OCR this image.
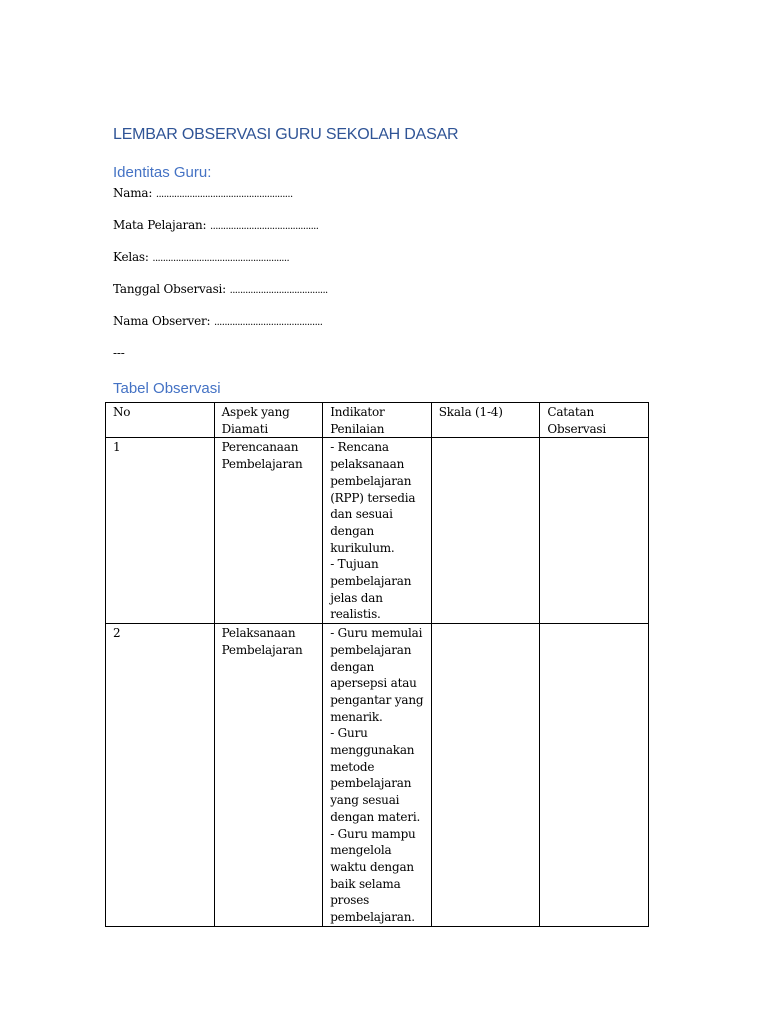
LEMBAR OBSERVASI GURU SEKOLAH DASAR
Identitas Guru:
Nama: .....................................................
Mata Pelajaran: ..........................................
Kelas: .....................................................
Tanggal Observasi: ......................................
Nama Observer: ..........................................
---
Tabel Observasi
No	Aspek yang Diamati	Indikator Penilaian	Skala (1-4)	Catatan Observasi
1	Perencanaan Pembelajaran	- Rencana pelaksanaan pembelajaran (RPP) tersedia dan sesuai dengan kurikulum.
- Tujuan pembelajaran jelas dan realistis.		

2	Pelaksanaan Pembelajaran	- Guru memulai pembelajaran dengan apersepsi atau pengantar yang menarik.
- Guru menggunakan metode pembelajaran yang sesuai dengan materi.
- Guru mampu mengelola waktu dengan baik selama proses pembelajaran.		
